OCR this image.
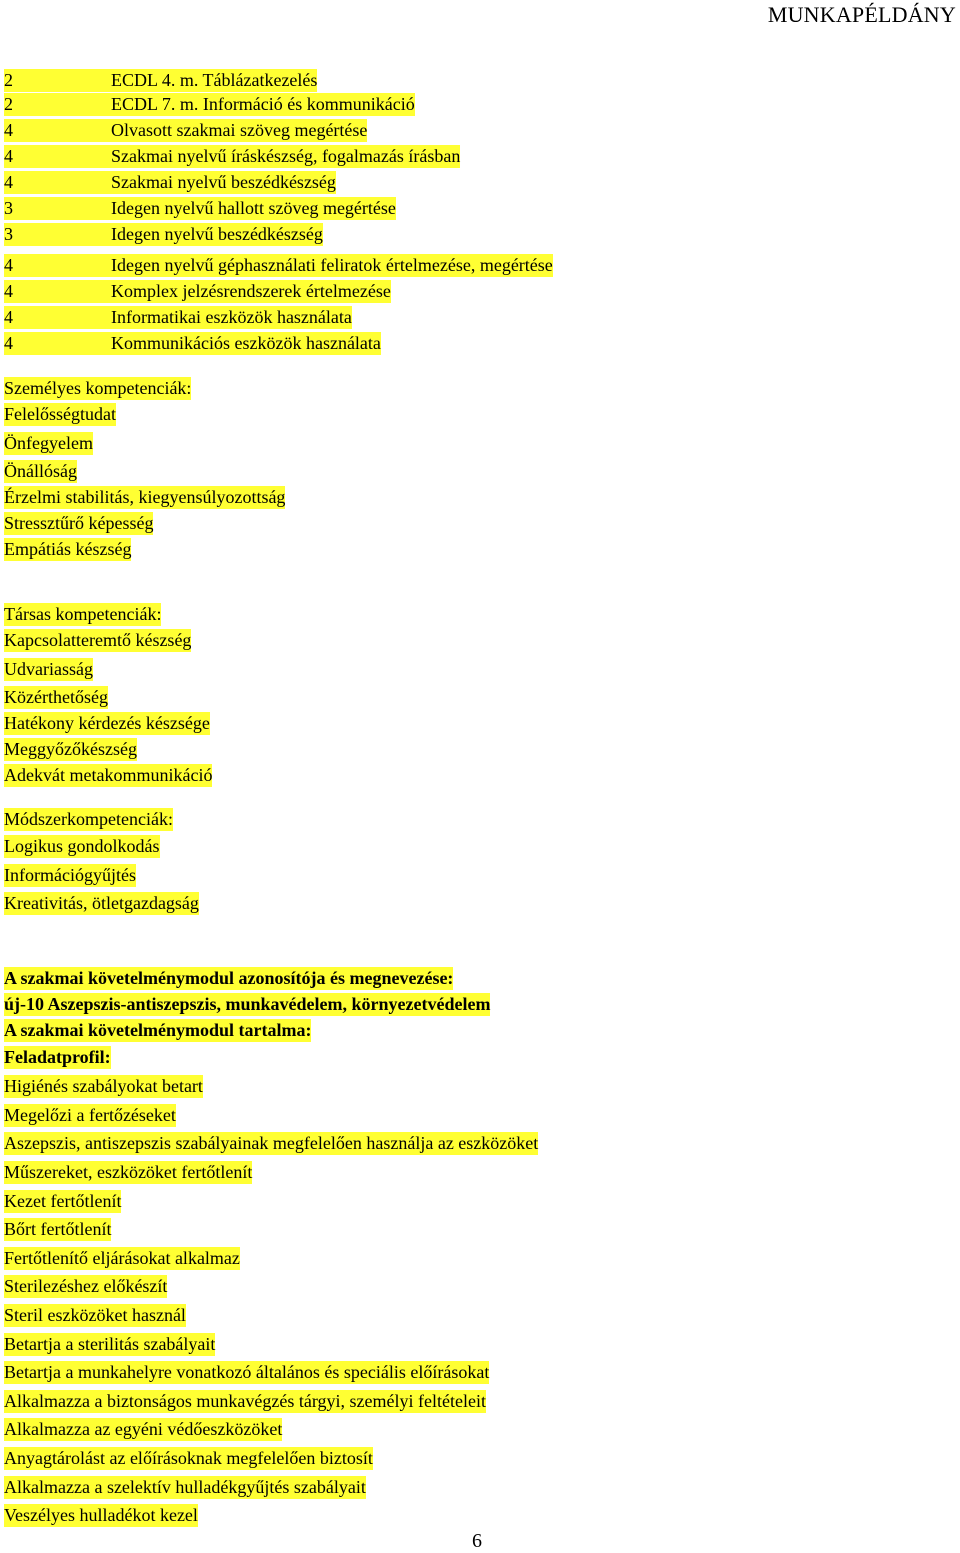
MUNKAPÉLDÁNY
2	ECDL 4. m. Táblázatkezelés
2	ECDL 7. m. Információ és kommunikáció
4	Olvasott szakmai szöveg megértése
4	Szakmai nyelvű íráskészség, fogalmazás írásban
4	Szakmai nyelvű beszédkészség
3	Idegen nyelvű hallott szöveg megértése
3	Idegen nyelvű beszédkészség
4	Idegen nyelvű géphasználati feliratok értelmezése, megértése
4	Komplex jelzésrendszerek értelmezése
4	Informatikai eszközök használata
4	Kommunikációs eszközök használata
Személyes kompetenciák:
Felelősségtudat
Önfegyelem
Önállóság
Érzelmi stabilitás, kiegyensúlyozottság
Stressztűrő képesség
Empátiás készség
Társas kompetenciák:
Kapcsolatteremtő készség
Udvariasság
Közérthetőség
Hatékony kérdezés készsége
Meggyőzőkészség
Adekvát metakommunikáció
Módszerkompetenciák:
Logikus gondolkodás
Információgyűjtés
Kreativitás, ötletgazdagság
A szakmai követelménymodul azonosítója és megnevezése:
új-10 Aszepszis-antiszepszis, munkavédelem, környezetvédelem
A szakmai követelménymodul tartalma:
Feladatprofil:
Higiénés szabályokat betart
Megelőzi a fertőzéseket
Aszepszis, antiszepszis szabályainak megfelelően használja az eszközöket
Műszereket, eszközöket fertőtlenít
Kezet fertőtlenít
Bőrt fertőtlenít
Fertőtlenítő eljárásokat alkalmaz
Sterilezéshez előkészít
Steril eszközöket használ
Betartja a sterilitás szabályait
Betartja a munkahelyre vonatkozó általános és speciális előírásokat
Alkalmazza a biztonságos munkavégzés tárgyi, személyi feltételeit
Alkalmazza az egyéni védőeszközöket
Anyagtárolást az előírásoknak megfelelően biztosít
Alkalmazza a szelektív hulladékgyűjtés szabályait
Veszélyes hulladékot kezel
6
